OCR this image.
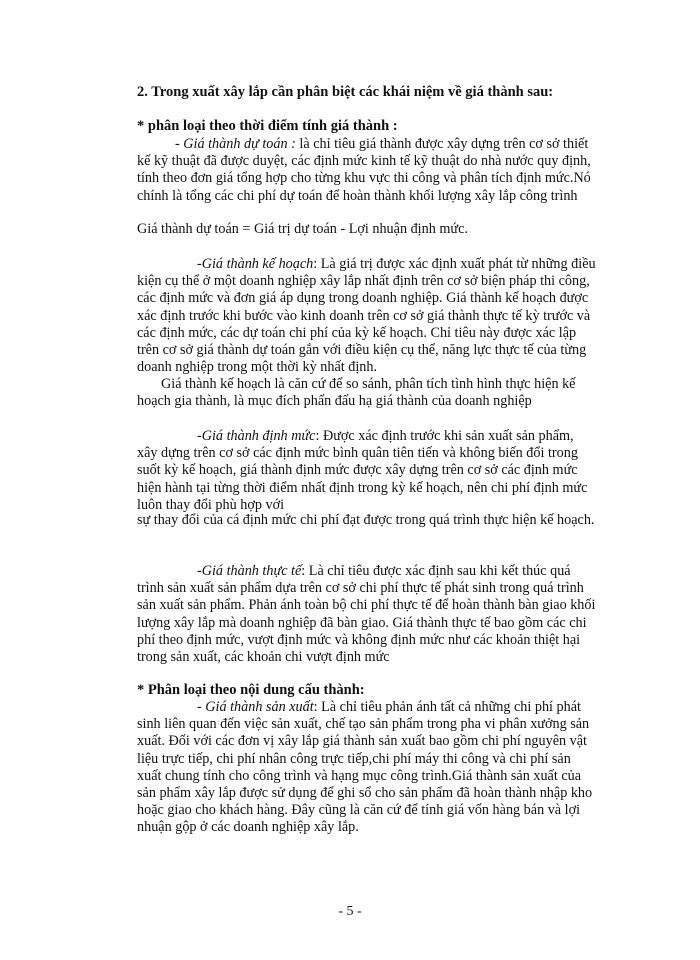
2. Trong xuất xây lắp cần phân biệt các khái niệm về giá thành sau:

* phân loại theo thời điểm tính giá thành :

- Giá thành dự toán : là chỉ tiêu giá thành được xây dựng trên cơ sở thiết kế kỹ thuật đã được duyệt, các định mức kinh tế kỹ thuật do nhà nước quy định, tính theo đơn giá tổng hợp cho từng khu vực thi công và phân tích định mức.Nó chính là tổng các chi phí dự toán để hoàn thành khối lượng xây lắp công trình

Giá thành dự toán = Giá trị dự toán - Lợi nhuận định mức.

-Giá thành kế hoạch: Là giá trị được xác định xuất phát từ những điều kiện cụ thể ở một doanh nghiệp xây lắp nhất định trên cơ sở biện pháp thi công, các định mức và đơn giá áp dụng trong doanh nghiệp. Giá thành kế hoạch được xác định trước khi bước vào kinh doanh trên cơ sở giá thành thực tế kỳ trước và các định mức, các dự toán chi phí của kỳ kế hoạch. Chỉ tiêu này được xác lập trên cơ sở giá thành dự toán gắn với điều kiện cụ thể, năng lực thực tế của từng doanh nghiệp trong một thời kỳ nhất định.

Giá thành kế hoạch là căn cứ để so sánh, phân tích tình hình thực hiện kế hoạch gia thành, là mục đích phấn đấu hạ giá thành của doanh nghiệp

-Giá thành định mức: Được xác định trước khi sản xuất sản phẩm, xây dựng trên cơ sở các định mức bình quân tiên tiến và không biến đổi trong suốt kỳ kế hoạch, giá thành định mức được xây dựng trên cơ sở các định mức hiện hành tại từng thời điểm nhất định trong kỳ kế hoạch, nên chi phí định mức luôn thay đổi phù hợp với

sự thay đổi của cá định mức chi phí đạt được trong quá trình thực hiện kế hoạch.

-Giá thành thực tế: Là chỉ tiêu được xác định sau khi kết thúc quá trình sản xuất sản phẩm dựa trên cơ sở chi phí thực tế phát sinh trong quá trình sản xuất sản phẩm. Phản ánh toàn bộ chi phí thực tế để hoàn thành bàn giao khối lượng xây lắp mà doanh nghiệp đã bàn giao. Giá thành thực tế bao gồm các chi phí theo định mức, vượt định mức và không định mức như các khoản thiệt hại trong sản xuất, các khoản chi vượt định mức

* Phân loại theo nội dung cấu thành:

- Giá thành sản xuất: Là chỉ tiêu phản ánh tất cả những chi phí phát sinh liên quan đến việc sản xuất, chế tạo sản phẩm trong pha vi phân xưởng sản xuất. Đối với các đơn vị xây lắp giá thành sản xuất bao gồm chi phí nguyên vật liệu trực tiếp, chi phí nhân công trực tiếp,chi phí máy thi công và chi phí sản xuất chung tính cho công trình và hạng mục công trình.Giá thành sản xuất của sản phẩm xây lắp được sử dụng để ghi sổ cho sản phẩm đã hoàn thành nhập kho hoặc giao cho khách hàng. Đây cũng là căn cứ để tính giá vốn hàng bán và lợi nhuận gộp ở các doanh nghiệp xây lắp.

- 5 -
